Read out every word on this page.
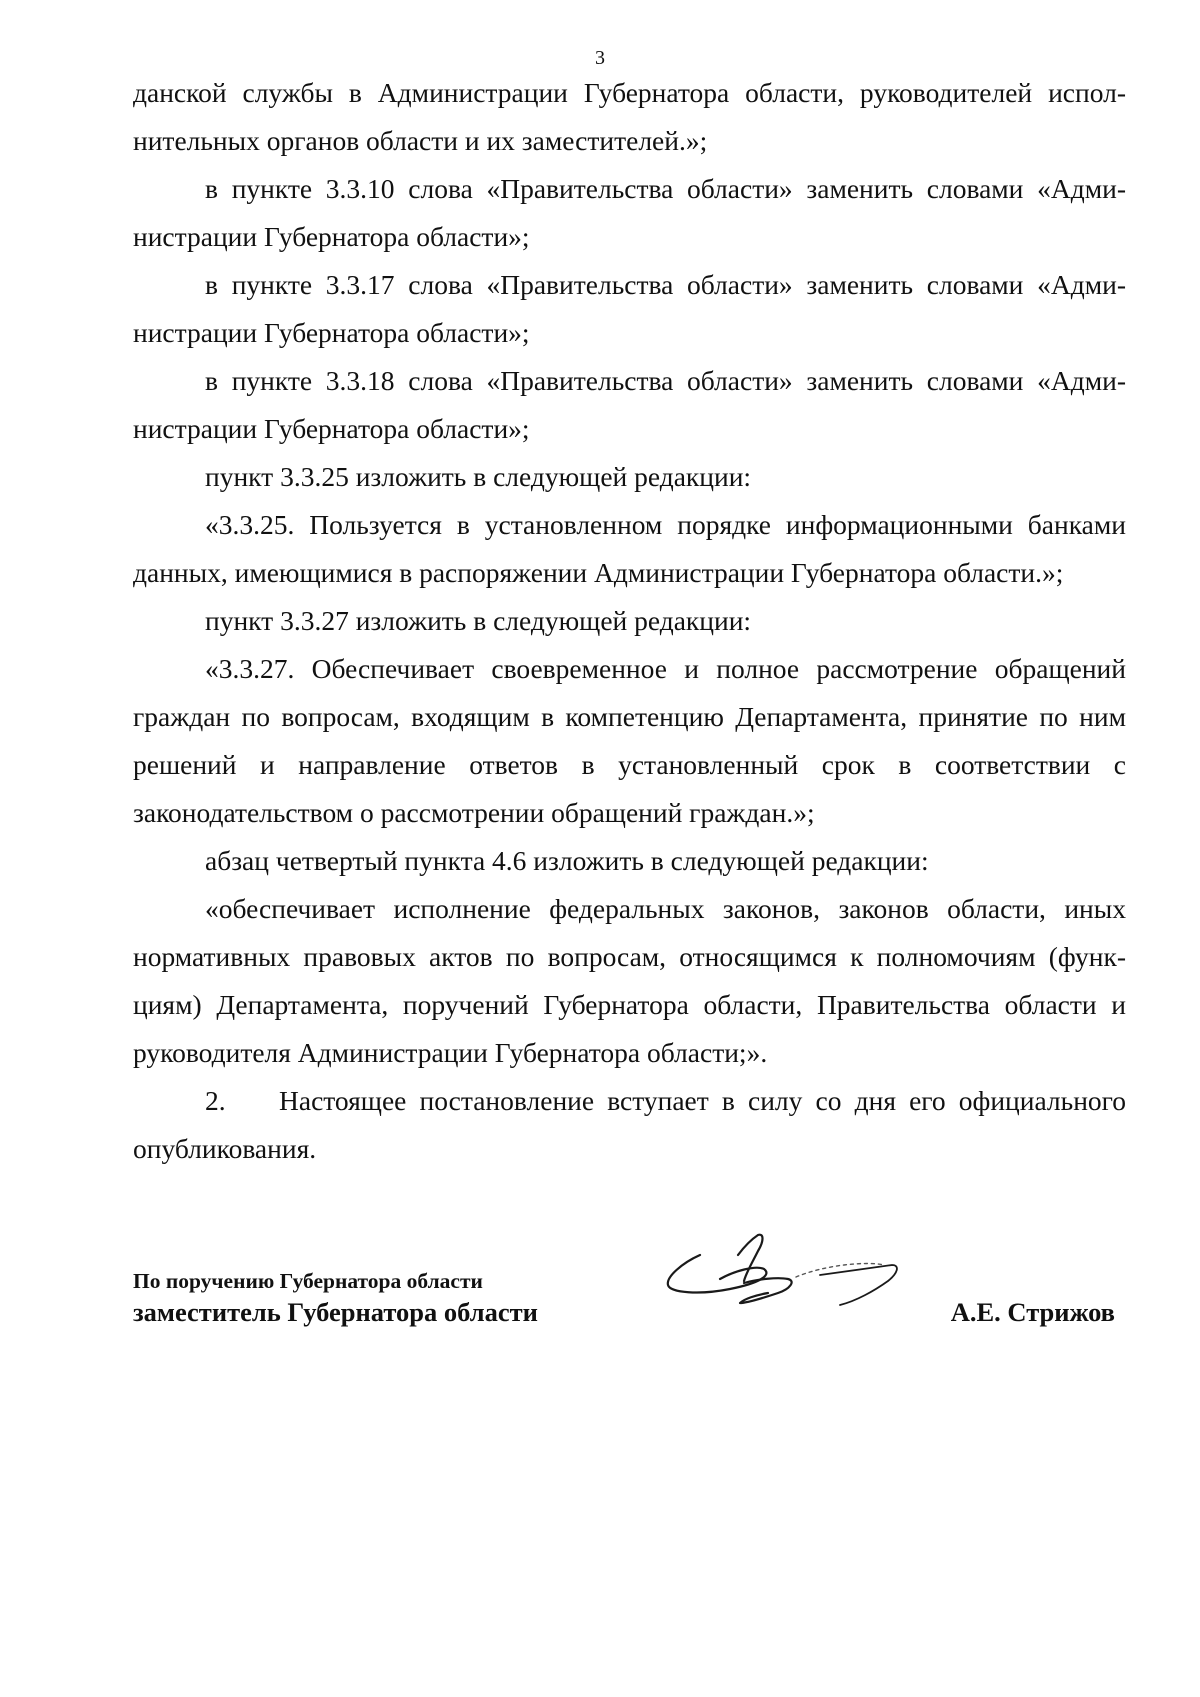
3

данской службы в Администрации Губернатора области, руководителей исполнительных органов области и их заместителей.»;

в пункте 3.3.10 слова «Правительства области» заменить словами «Администрации Губернатора области»;

в пункте 3.3.17 слова «Правительства области» заменить словами «Администрации Губернатора области»;

в пункте 3.3.18 слова «Правительства области» заменить словами «Администрации Губернатора области»;

пункт 3.3.25 изложить в следующей редакции:

«3.3.25. Пользуется в установленном порядке информационными банками данных, имеющимися в распоряжении Администрации Губернатора области.»;

пункт 3.3.27 изложить в следующей редакции:

«3.3.27. Обеспечивает своевременное и полное рассмотрение обращений граждан по вопросам, входящим в компетенцию Департамента, принятие по ним решений и направление ответов в установленный срок в соответствии с законодательством о рассмотрении обращений граждан.»;

абзац четвертый пункта 4.6 изложить в следующей редакции:

«обеспечивает исполнение федеральных законов, законов области, иных нормативных правовых актов по вопросам, относящимся к полномочиям (функциям) Департамента, поручений Губернатора области, Правительства области и руководителя Администрации Губернатора области;».

2. Настоящее постановление вступает в силу со дня его официального опубликования.

По поручению Губернатора области
заместитель Губернатора области	А.Е. Стрижов
